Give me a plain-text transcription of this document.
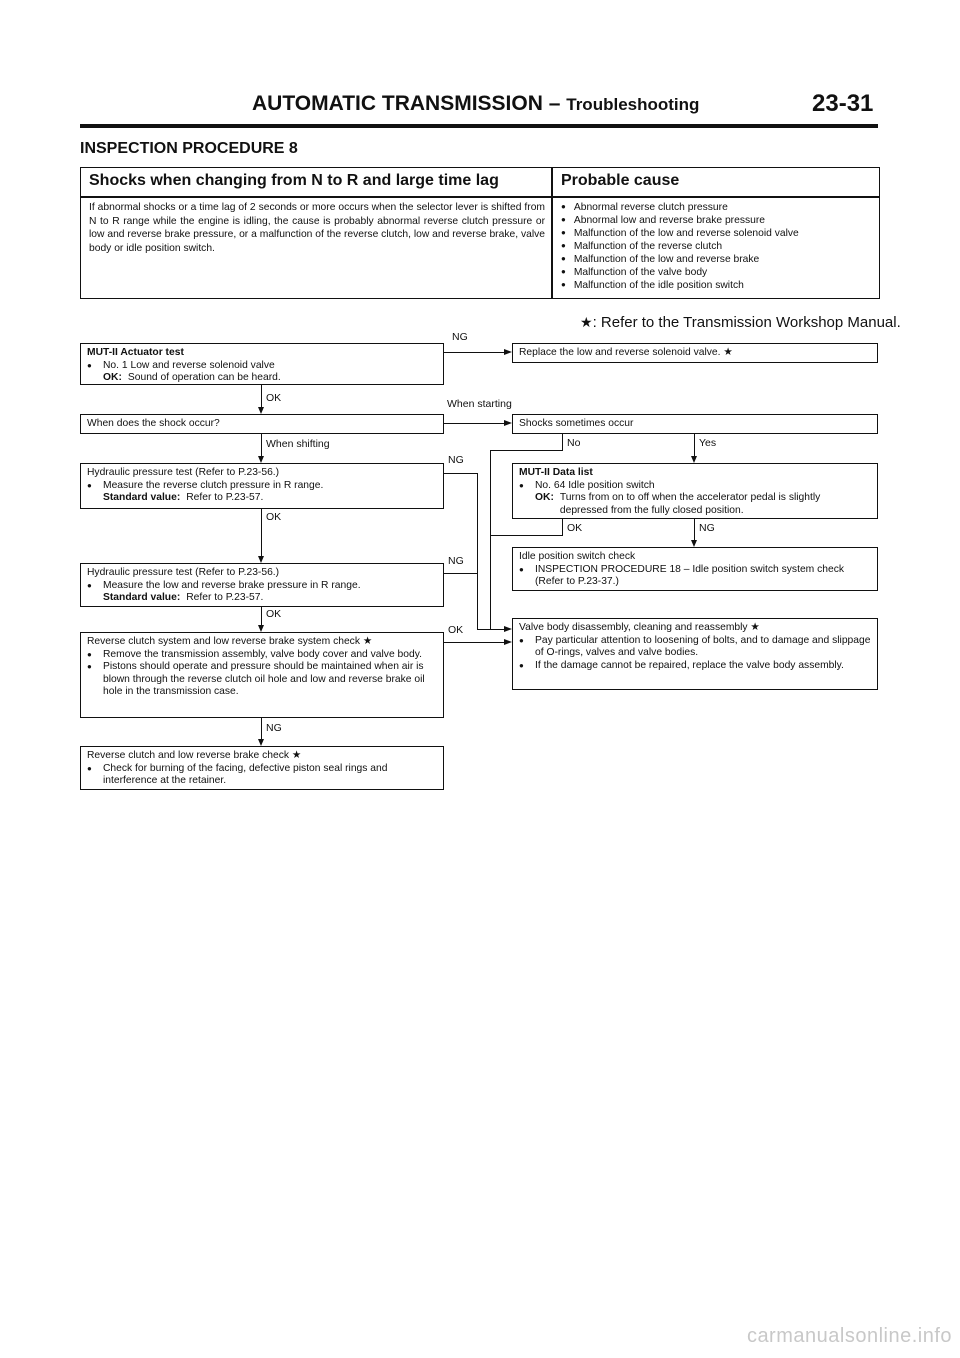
AUTOMATIC TRANSMISSION – Troubleshooting	23-31
INSPECTION PROCEDURE 8
Shocks when changing from N to R and large time lag	Probable cause
If abnormal shocks or a time lag of 2 seconds or more occurs when the selector lever is shifted from N to R range while the engine is idling, the cause is probably abnormal reverse clutch pressure or low and reverse brake pressure, or a malfunction of the reverse clutch, low and reverse brake, valve body or idle position switch.
● Abnormal reverse clutch pressure
● Abnormal low and reverse brake pressure
● Malfunction of the low and reverse solenoid valve
● Malfunction of the reverse clutch
● Malfunction of the low and reverse brake
● Malfunction of the valve body
● Malfunction of the idle position switch
★: Refer to the Transmission Workshop Manual.
MUT-II Actuator test
●
No. 1 Low and reverse solenoid valve
OK: Sound of operation can be heard.
Replace the low and reverse solenoid valve. ★
When does the shock occur?	Shocks sometimes occur
Hydraulic pressure test (Refer to P.23-56.)
●
Measure the reverse clutch pressure in R range.
Standard value: Refer to P.23-57.
MUT-II Data list
●
No. 64 Idle position switch
OK: Turns from on to off when the accelerator pedal is slightly depressed from the fully closed position.
Hydraulic pressure test (Refer to P.23-56.)
●
Measure the low and reverse brake pressure in R range.
Standard value: Refer to P.23-57.
Idle position switch check
●
INSPECTION PROCEDURE 18 – Idle position switch system check (Refer to P.23-37.)
Reverse clutch system and low reverse brake system check ★
●
Remove the transmission assembly, valve body cover and valve body.
●
Pistons should operate and pressure should be maintained when air is blown through the reverse clutch oil hole and low and reverse brake oil hole in the transmission case.
Valve body disassembly, cleaning and reassembly ★
●
Pay particular attention to loosening of bolts, and to damage and slippage of O-rings, valves and valve bodies.
●
If the damage cannot be repaired, replace the valve body assembly.
Reverse clutch and low reverse brake check ★
●
Check for burning of the facing, defective piston seal rings and interference at the retainer.
NG
OK	When starting
When shifting	No	Yes
NG
OK
OK	NG
NG
OK
OK
NG
carmanualsonline.info
